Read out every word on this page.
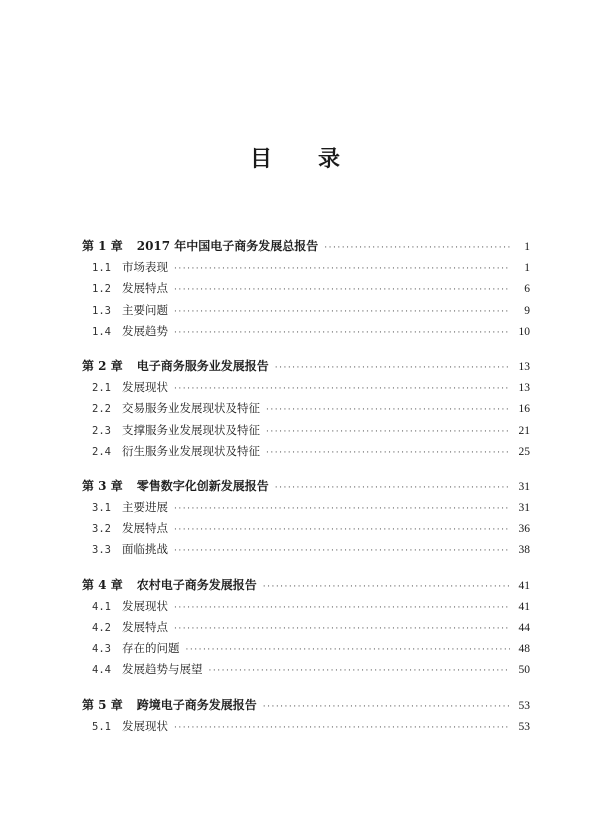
目 录
第 1 章 2017 年中国电子商务发展总报告 ·····	1
1.1 市场表现 ·····	1
1.2 发展特点 ·····	6
1.3 主要问题 ·····	9
1.4 发展趋势 ·····	10
第 2 章 电子商务服务业发展报告 ·····	13
2.1 发展现状 ·····	13
2.2 交易服务业发展现状及特征 ·····	16
2.3 支撑服务业发展现状及特征 ·····	21
2.4 衍生服务业发展现状及特征 ·····	25
第 3 章 零售数字化创新发展报告 ·····	31
3.1 主要进展 ·····	31
3.2 发展特点 ·····	36
3.3 面临挑战 ·····	38
第 4 章 农村电子商务发展报告 ·····	41
4.1 发展现状 ·····	41
4.2 发展特点 ·····	44
4.3 存在的问题 ·····	48
4.4 发展趋势与展望 ·····	50
第 5 章 跨境电子商务发展报告 ·····	53
5.1 发展现状 ·····	53
